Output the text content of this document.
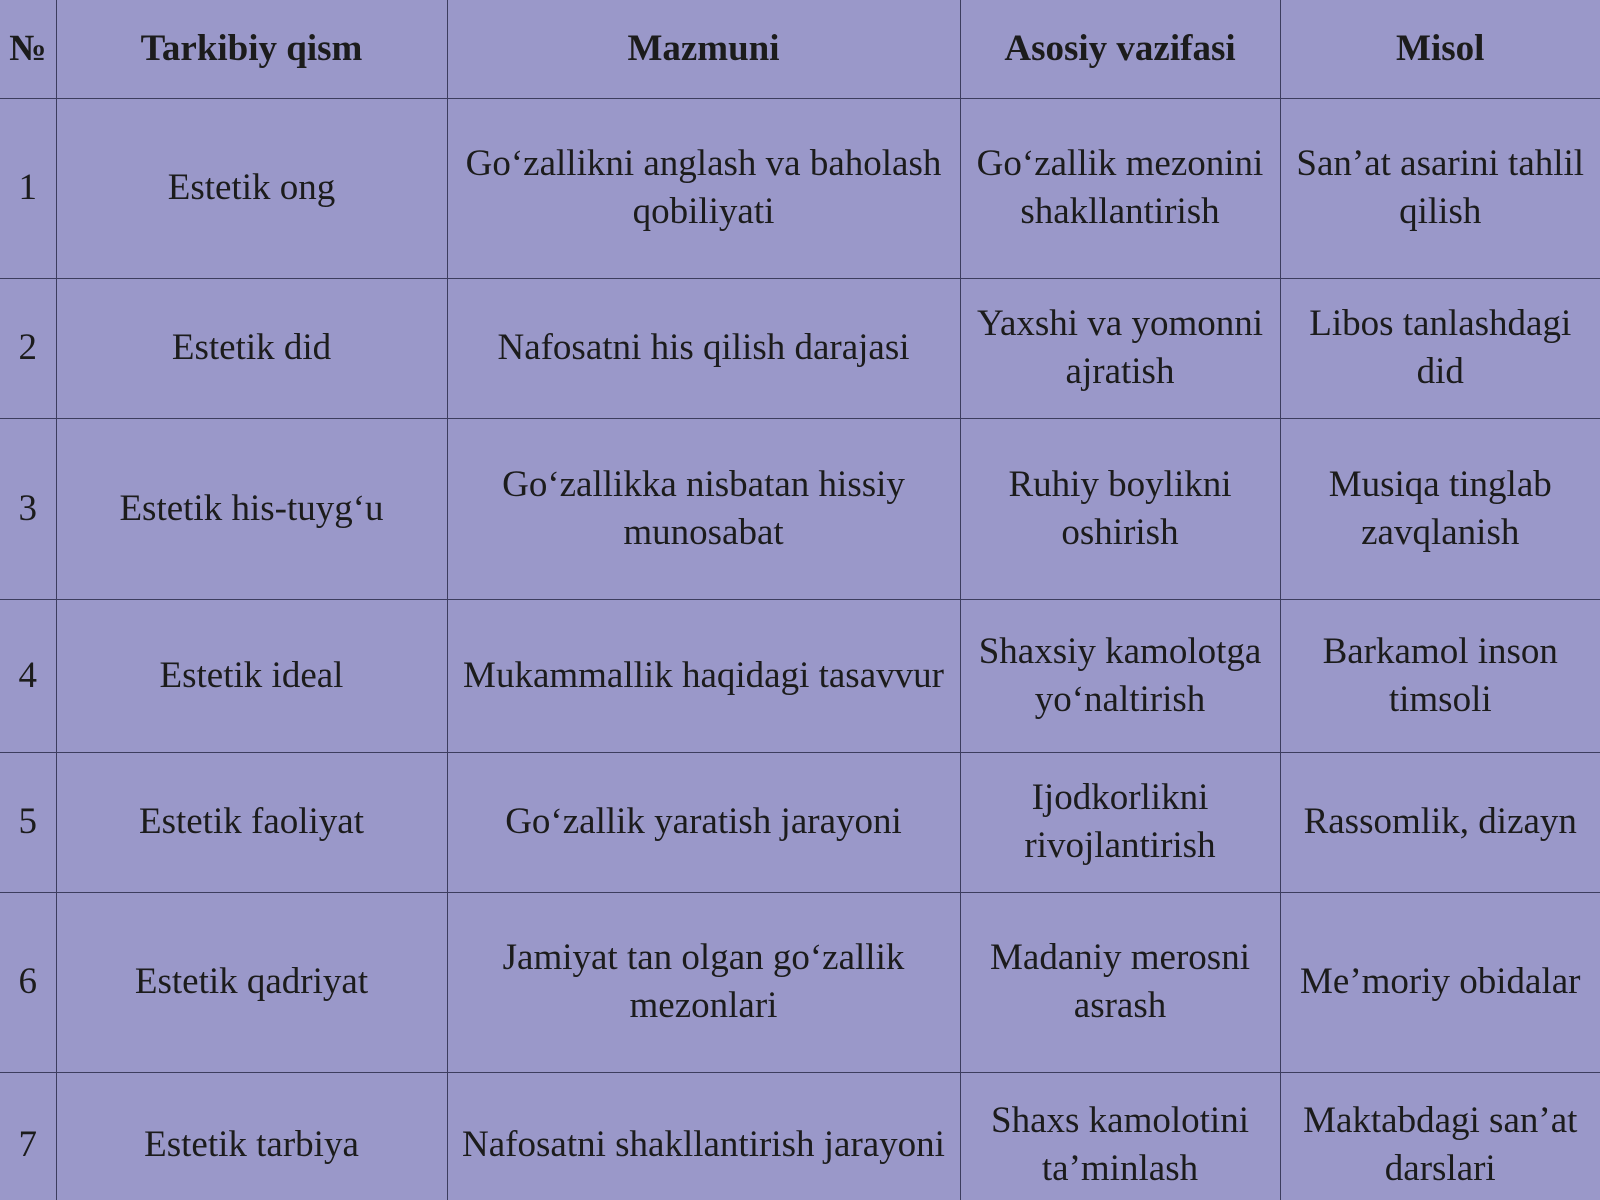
№	Tarkibiy qism	Mazmuni	Asosiy vazifasi	Misol
1	Estetik ong	Go‘zallikni anglash va baholash qobiliyati	Go‘zallik mezonini shakllantirish	San’at asarini tahlil qilish
2	Estetik did	Nafosatni his qilish darajasi	Yaxshi va yomonni ajratish	Libos tanlashdagi did
3	Estetik his-tuyg‘u	Go‘zallikka nisbatan hissiy munosabat	Ruhiy boylikni oshirish	Musiqa tinglab zavqlanish
4	Estetik ideal	Mukammallik haqidagi tasavvur	Shaxsiy kamolotga yo‘naltirish	Barkamol inson timsoli
5	Estetik faoliyat	Go‘zallik yaratish jarayoni	Ijodkorlikni rivojlantirish	Rassomlik, dizayn
6	Estetik qadriyat	Jamiyat tan olgan go‘zallik mezonlari	Madaniy merosni asrash	Me’moriy obidalar
7	Estetik tarbiya	Nafosatni shakllantirish jarayoni	Shaxs kamolotini ta’minlash	Maktabdagi san’at darslari
